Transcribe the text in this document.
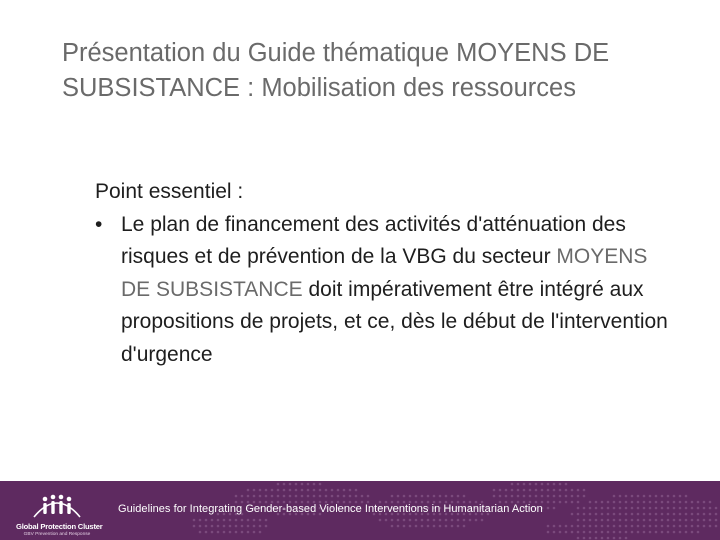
Présentation du Guide thématique MOYENS DE SUBSISTANCE : Mobilisation des ressources
Point essentiel :
• Le plan de financement des activités d'atténuation des risques et de prévention de la VBG du secteur MOYENS DE SUBSISTANCE doit impérativement être intégré aux propositions de projets, et ce, dès le début de l'intervention d'urgence
Global Protection Cluster
GBV Prevention and Response
Guidelines for Integrating Gender-based Violence Interventions in Humanitarian Action
